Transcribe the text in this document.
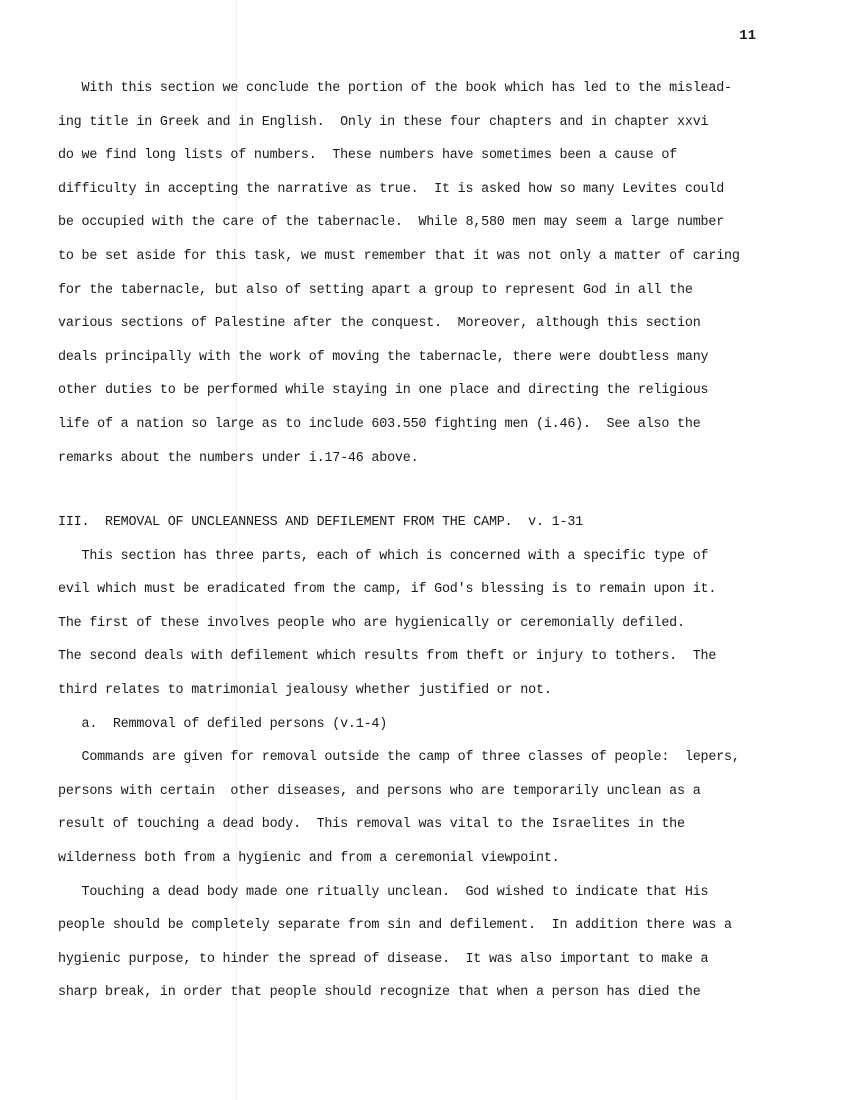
11
With this section we conclude the portion of the book which has led to the mislead-
ing title in Greek and in English.  Only in these four chapters and in chapter xxvi
do we find long lists of numbers.  These numbers have sometimes been a cause of
difficulty in accepting the narrative as true.  It is asked how so many Levites could
be occupied with the care of the tabernacle.  While 8,580 men may seem a large number
to be set aside for this task, we must remember that it was not only a matter of caring
for the tabernacle, but also of setting apart a group to represent God in all the
various sections of Palestine after the conquest.  Moreover, although this section
deals principally with the work of moving the tabernacle, there were doubtless many
other duties to be performed while staying in one place and directing the religious
life of a nation so large as to include 603.550 fighting men (i.46).  See also the
remarks about the numbers under i.17-46 above.
III.  REMOVAL OF UNCLEANNESS AND DEFILEMENT FROM THE CAMP.  v. 1-31
This section has three parts, each of which is concerned with a specific type of
evil which must be eradicated from the camp, if God's blessing is to remain upon it.
The first of these involves people who are hygienically or ceremonially defiled.
The second deals with defilement which results from theft or injury to tothers.  The
third relates to matrimonial jealousy whether justified or not.
a.  Remmoval of defiled persons (v.1-4)
Commands are given for removal outside the camp of three classes of people:  lepers,
persons with certain  other diseases, and persons who are temporarily unclean as a
result of touching a dead body.  This removal was vital to the Israelites in the
wilderness both from a hygienic and from a ceremonial viewpoint.
Touching a dead body made one ritually unclean.  God wished to indicate that His
people should be completely separate from sin and defilement.  In addition there was a
hygienic purpose, to hinder the spread of disease.  It was also important to make a
sharp break, in order that people should recognize that when a person has died the
